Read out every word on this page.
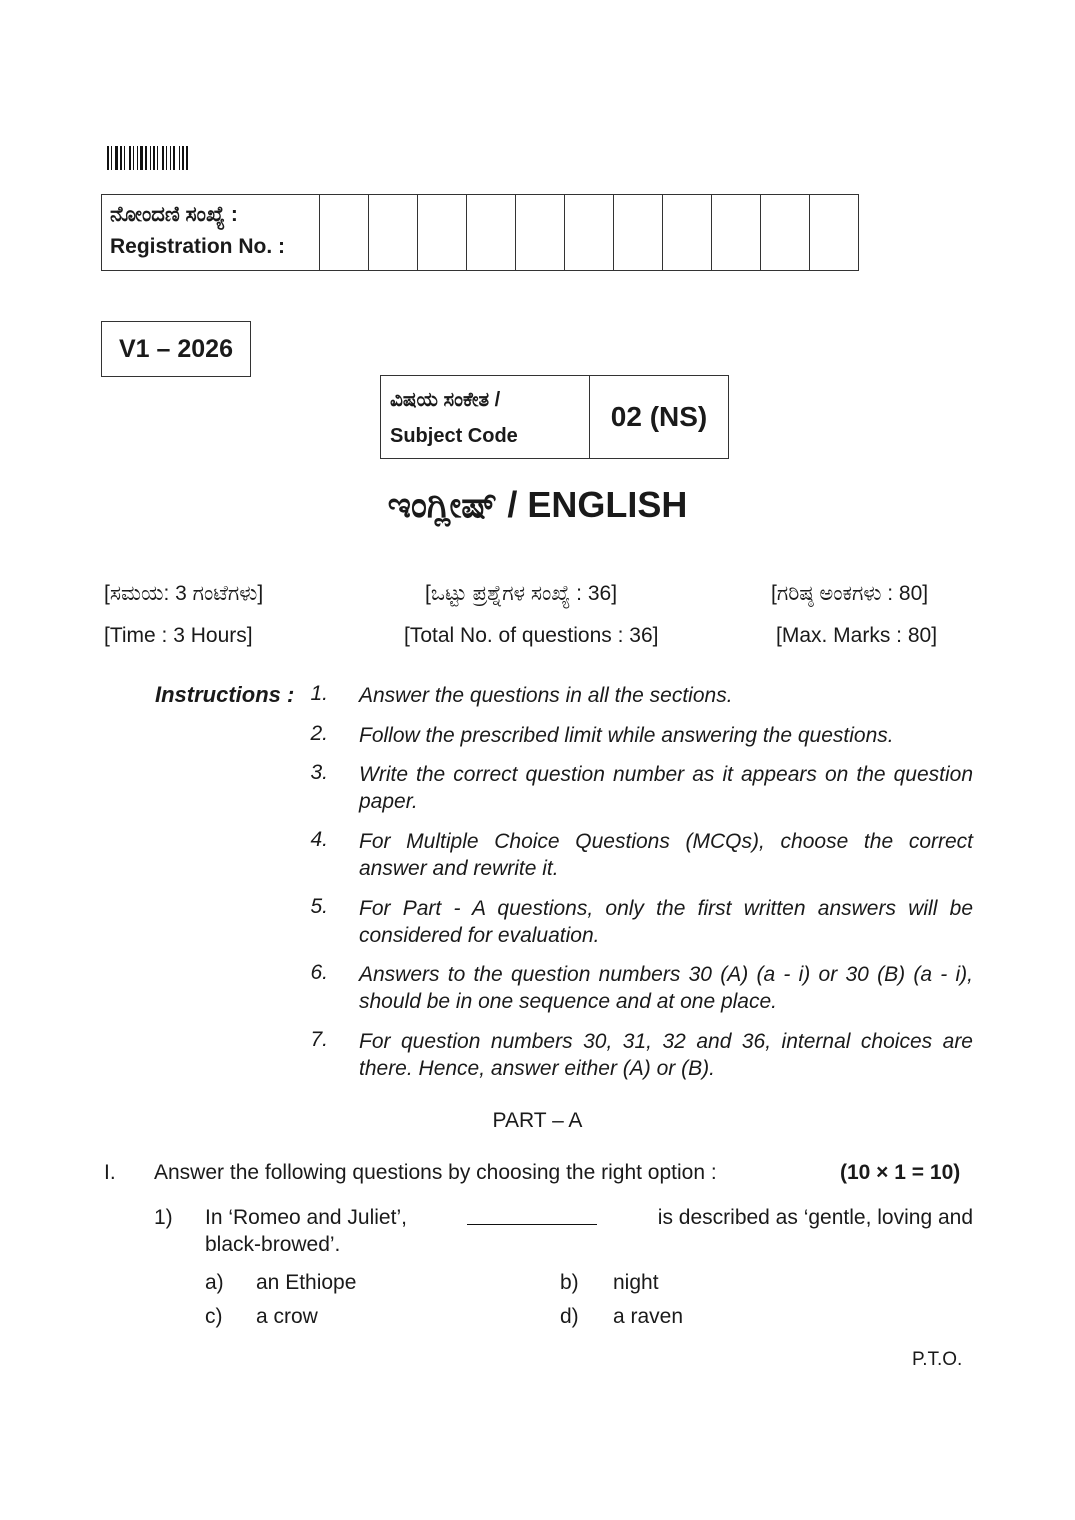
ನೋಂದಣಿ ಸಂಖ್ಯೆ :
Registration No. :
V1 – 2026
ವಿಷಯ ಸಂಕೇತ /
Subject Code
02 (NS)
ಇಂಗ್ಲೀಷ್ / ENGLISH
[ಸಮಯ: 3 ಗಂಟೆಗಳು]	[ಒಟ್ಟು ಪ್ರಶ್ನೆಗಳ ಸಂಖ್ಯೆ : 36]	[ಗರಿಷ್ಠ ಅಂಕಗಳು : 80]
[Time : 3 Hours]	[Total No. of questions : 36]	[Max. Marks : 80]
Instructions : 1. Answer the questions in all the sections.
2. Follow the prescribed limit while answering the questions.
3. Write the correct question number as it appears on the question paper.
4. For Multiple Choice Questions (MCQs), choose the correct answer and rewrite it.
5. For Part - A questions, only the first written answers will be considered for evaluation.
6. Answers to the question numbers 30 (A) (a - i) or 30 (B) (a - i), should be in one sequence and at one place.
7. For question numbers 30, 31, 32 and 36, internal choices are there. Hence, answer either (A) or (B).
PART – A
I. Answer the following questions by choosing the right option :	(10 × 1 = 10)
1) In ‘Romeo and Juliet’,	is described as ‘gentle, loving and
black-browed’.
a) an Ethiope	b) night
c) a crow	d) a raven
P.T.O.
